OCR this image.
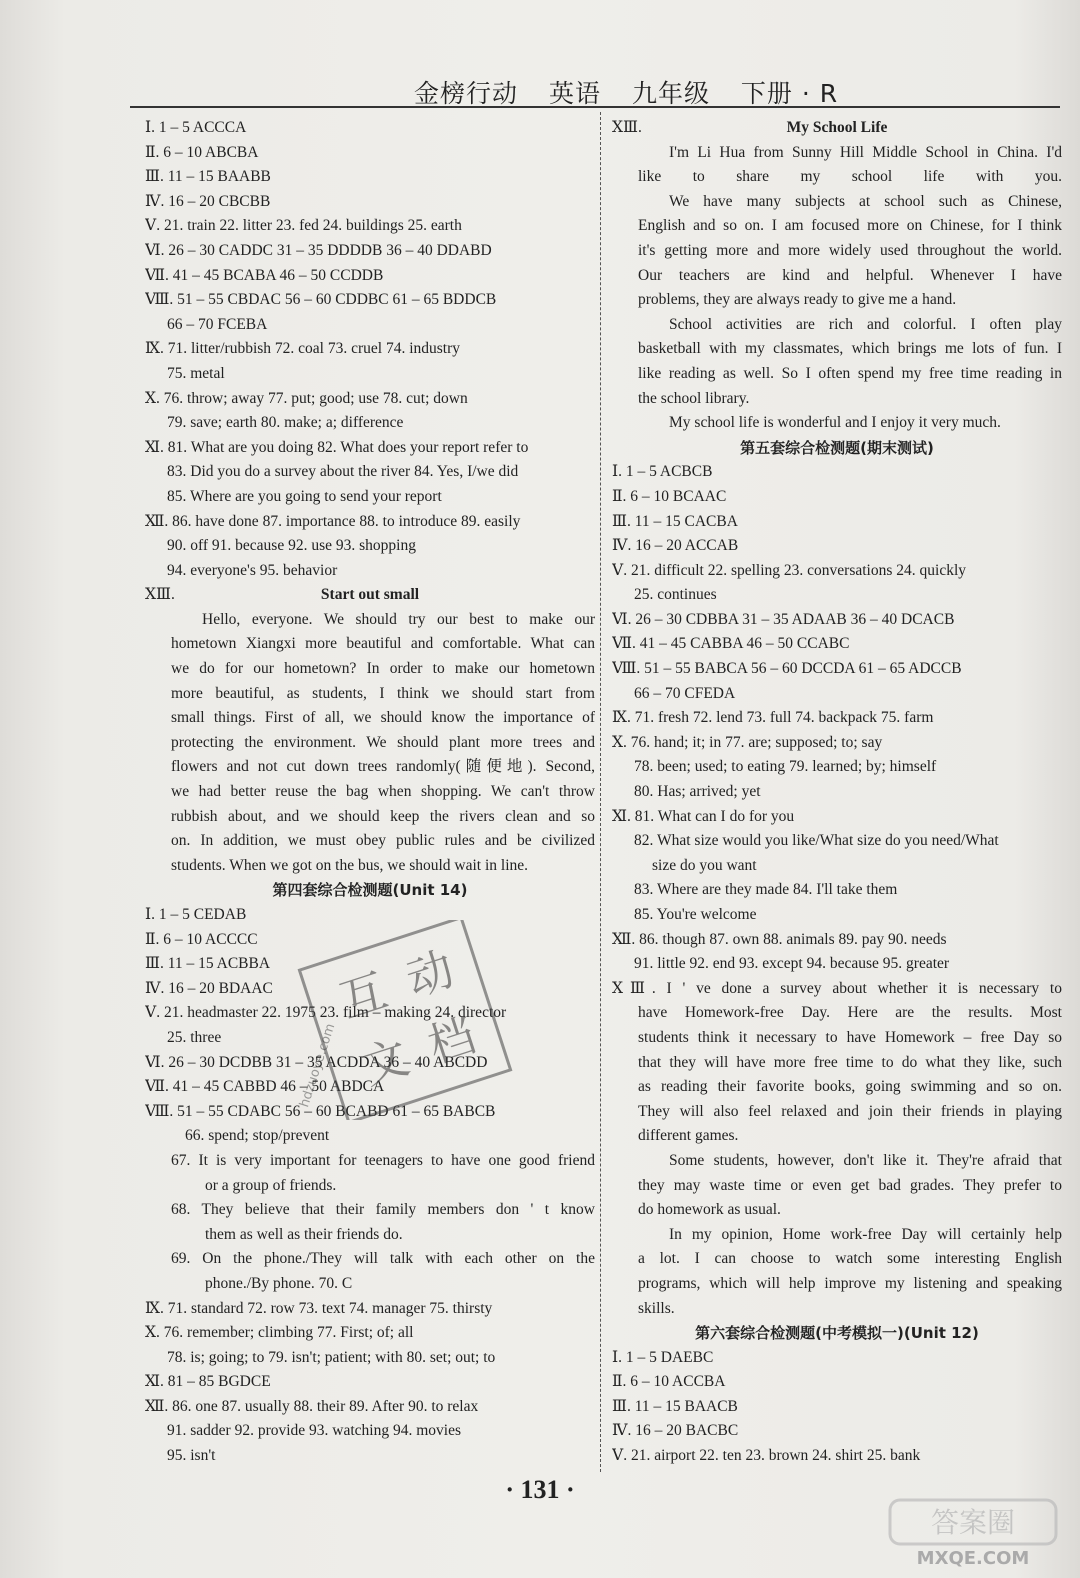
金榜行动 英语 九年级 下册 · R
Ⅰ. 1 – 5 ACCCA
Ⅱ. 6 – 10 ABCBA
Ⅲ. 11 – 15 BAABB
Ⅳ. 16 – 20 CBCBB
Ⅴ. 21. train 22. litter 23. fed 24. buildings 25. earth
Ⅵ. 26 – 30 CADDC 31 – 35 DDDDB 36 – 40 DDABD
Ⅶ. 41 – 45 BCABA 46 – 50 CCDDB
Ⅷ. 51 – 55 CBDAC 56 – 60 CDDBC 61 – 65 BDDCB
66 – 70 FCEBA
Ⅸ. 71. litter/rubbish 72. coal 73. cruel 74. industry
75. metal
Ⅹ. 76. throw; away 77. put; good; use 78. cut; down
79. save; earth 80. make; a; difference
Ⅺ. 81. What are you doing 82. What does your report refer to
83. Did you do a survey about the river 84. Yes, I/we did
85. Where are you going to send your report
Ⅻ. 86. have done 87. importance 88. to introduce 89. easily
90. off 91. because 92. use 93. shopping
94. everyone's 95. behavior
ⅩⅢ.	Start out small
Hello, everyone. We should try our best to make our
hometown Xiangxi more beautiful and comfortable. What can
we do for our hometown? In order to make our hometown
more beautiful, as students, I think we should start from
small things. First of all, we should know the importance of
protecting the environment. We should plant more trees and
flowers and not cut down trees randomly(随便地). Second,
we had better reuse the bag when shopping. We can't throw
rubbish about, and we should keep the rivers clean and so
on. In addition, we must obey public rules and be civilized
students. When we got on the bus, we should wait in line.
第四套综合检测题(Unit 14)
Ⅰ. 1 – 5 CEDAB
Ⅱ. 6 – 10 ACCCC
Ⅲ. 11 – 15 ACBBA
Ⅳ. 16 – 20 BDAAC
Ⅴ. 21. headmaster 22. 1975 23. film – making 24. director
25. three
Ⅵ. 26 – 30 DCDBB 31 – 35 ACDDA 36 – 40 ABCDD
Ⅶ. 41 – 45 CABBD 46 – 50 ABDCA
Ⅷ. 51 – 55 CDABC 56 – 60 BCABD 61 – 65 BABCB
66. spend; stop/prevent
67. It is very important for teenagers to have one good friend
or a group of friends.
68. They believe that their family members don ' t know
them as well as their friends do.
69. On the phone./They will talk with each other on the
phone./By phone. 70. C
Ⅸ. 71. standard 72. row 73. text 74. manager 75. thirsty
Ⅹ. 76. remember; climbing 77. First; of; all
78. is; going; to 79. isn't; patient; with 80. set; out; to
Ⅺ. 81 – 85 BGDCE
Ⅻ. 86. one 87. usually 88. their 89. After 90. to relax
91. sadder 92. provide 93. watching 94. movies
95. isn't
ⅩⅢ.	My School Life
I'm Li Hua from Sunny Hill Middle School in China. I'd
like to share my school life with you.
We have many subjects at school such as Chinese,
English and so on. I am focused more on Chinese, for I think
it's getting more and more widely used throughout the world.
Our teachers are kind and helpful. Whenever I have
problems, they are always ready to give me a hand.
School activities are rich and colorful. I often play
basketball with my classmates, which brings me lots of fun. I
like reading as well. So I often spend my free time reading in
the school library.
My school life is wonderful and I enjoy it very much.
第五套综合检测题(期末测试)
Ⅰ. 1 – 5 ACBCB
Ⅱ. 6 – 10 BCAAC
Ⅲ. 11 – 15 CACBA
Ⅳ. 16 – 20 ACCAB
Ⅴ. 21. difficult 22. spelling 23. conversations 24. quickly
25. continues
Ⅵ. 26 – 30 CDBBA 31 – 35 ADAAB 36 – 40 DCACB
Ⅶ. 41 – 45 CABBA 46 – 50 CCABC
Ⅷ. 51 – 55 BABCA 56 – 60 DCCDA 61 – 65 ADCCB
66 – 70 CFEDA
Ⅸ. 71. fresh 72. lend 73. full 74. backpack 75. farm
Ⅹ. 76. hand; it; in 77. are; supposed; to; say
78. been; used; to eating 79. learned; by; himself
80. Has; arrived; yet
Ⅺ. 81. What can I do for you
82. What size would you like/What size do you need/What
size do you want
83. Where are they made 84. I'll take them
85. You're welcome
Ⅻ. 86. though 87. own 88. animals 89. pay 90. needs
91. little 92. end 93. except 94. because 95. greater
ⅩⅢ. I ' ve done a survey about whether it is necessary to
have Homework-free Day. Here are the results. Most
students think it necessary to have Homework – free Day so
that they will have more free time to do what they like, such
as reading their favorite books, going swimming and so on.
They will also feel relaxed and join their friends in playing
different games.
Some students, however, don't like it. They're afraid that
they may waste time or even get bad grades. They prefer to
do homework as usual.
In my opinion, Home work-free Day will certainly help
a lot. I can choose to watch some interesting English
programs, which will help improve my listening and speaking
skills.
第六套综合检测题(中考模拟一)(Unit 12)
Ⅰ. 1 – 5 DAEBC
Ⅱ. 6 – 10 ACCBA
Ⅲ. 11 – 15 BAACB
Ⅳ. 16 – 20 BACBC
Ⅴ. 21. airport 22. ten 23. brown 24. shirt 25. bank
· 131 ·
互 动
文 档
hdzuoye.com
答案圈
MXQE.COM
